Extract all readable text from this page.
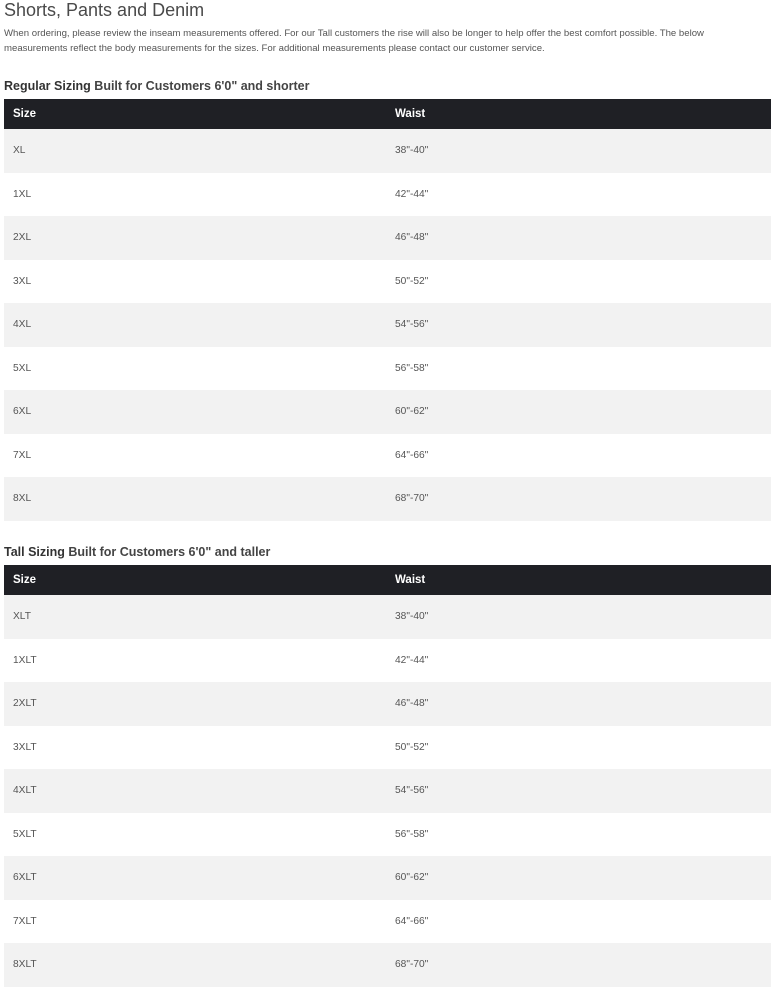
Shorts, Pants and Denim

When ordering, please review the inseam measurements offered. For our Tall customers the rise will also be longer to help offer the best comfort possible. The below measurements reflect the body measurements for the sizes. For additional measurements please contact our customer service.

Regular Sizing Built for Customers 6'0" and shorter
Size	Waist
XL	38"-40"
1XL	42"-44"
2XL	46"-48"
3XL	50"-52"
4XL	54"-56"
5XL	56"-58"
6XL	60"-62"
7XL	64"-66"
8XL	68"-70"
Tall Sizing Built for Customers 6'0" and taller
Size	Waist
XLT	38"-40"
1XLT	42"-44"
2XLT	46"-48"
3XLT	50"-52"
4XLT	54"-56"
5XLT	56"-58"
6XLT	60"-62"
7XLT	64"-66"
8XLT	68"-70"
